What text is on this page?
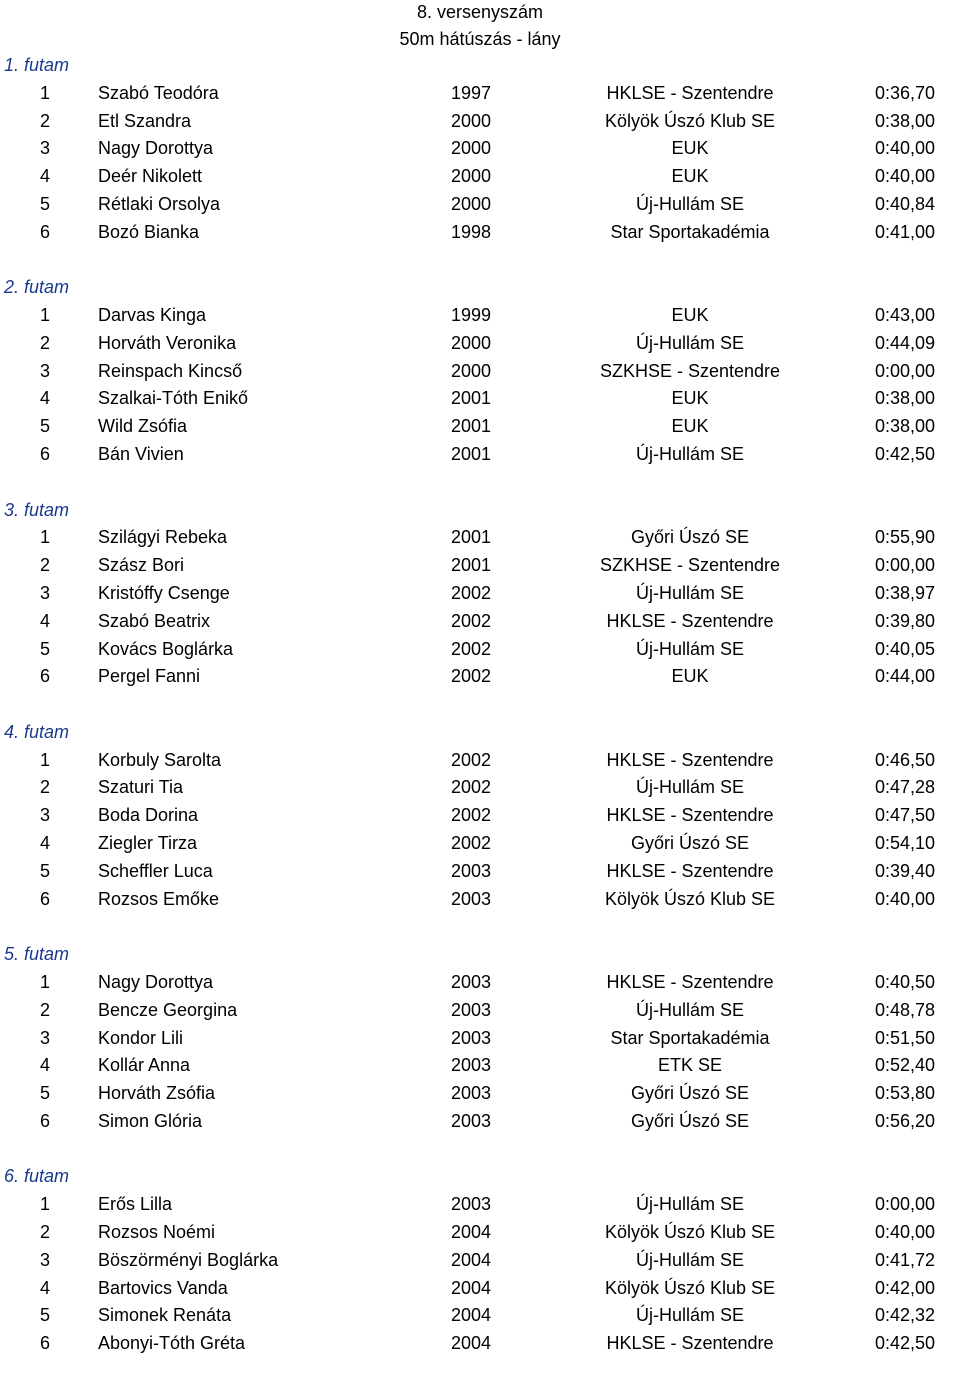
8. versenyszám
50m hátúszás - lány
1. futam
1	Szabó Teodóra	1997	HKLSE - Szentendre	0:36,70
2	Etl Szandra	2000	Kölyök Úszó Klub SE	0:38,00
3	Nagy Dorottya	2000	EUK	0:40,00
4	Deér Nikolett	2000	EUK	0:40,00
5	Rétlaki Orsolya	2000	Új-Hullám SE	0:40,84
6	Bozó Bianka	1998	Star Sportakadémia	0:41,00
2. futam
1	Darvas Kinga	1999	EUK	0:43,00
2	Horváth Veronika	2000	Új-Hullám SE	0:44,09
3	Reinspach Kincső	2000	SZKHSE - Szentendre	0:00,00
4	Szalkai-Tóth Enikő	2001	EUK	0:38,00
5	Wild Zsófia	2001	EUK	0:38,00
6	Bán Vivien	2001	Új-Hullám SE	0:42,50
3. futam
1	Szilágyi Rebeka	2001	Győri Úszó SE	0:55,90
2	Szász Bori	2001	SZKHSE - Szentendre	0:00,00
3	Kristóffy Csenge	2002	Új-Hullám SE	0:38,97
4	Szabó Beatrix	2002	HKLSE - Szentendre	0:39,80
5	Kovács Boglárka	2002	Új-Hullám SE	0:40,05
6	Pergel Fanni	2002	EUK	0:44,00
4. futam
1	Korbuly Sarolta	2002	HKLSE - Szentendre	0:46,50
2	Szaturi Tia	2002	Új-Hullám SE	0:47,28
3	Boda Dorina	2002	HKLSE - Szentendre	0:47,50
4	Ziegler Tirza	2002	Győri Úszó SE	0:54,10
5	Scheffler Luca	2003	HKLSE - Szentendre	0:39,40
6	Rozsos Emőke	2003	Kölyök Úszó Klub SE	0:40,00
5. futam
1	Nagy Dorottya	2003	HKLSE - Szentendre	0:40,50
2	Bencze Georgina	2003	Új-Hullám SE	0:48,78
3	Kondor Lili	2003	Star Sportakadémia	0:51,50
4	Kollár Anna	2003	ETK SE	0:52,40
5	Horváth Zsófia	2003	Győri Úszó SE	0:53,80
6	Simon Glória	2003	Győri Úszó SE	0:56,20
6. futam
1	Erős Lilla	2003	Új-Hullám SE	0:00,00
2	Rozsos Noémi	2004	Kölyök Úszó Klub SE	0:40,00
3	Böszörményi Boglárka	2004	Új-Hullám SE	0:41,72
4	Bartovics Vanda	2004	Kölyök Úszó Klub SE	0:42,00
5	Simonek Renáta	2004	Új-Hullám SE	0:42,32
6	Abonyi-Tóth Gréta	2004	HKLSE - Szentendre	0:42,50
